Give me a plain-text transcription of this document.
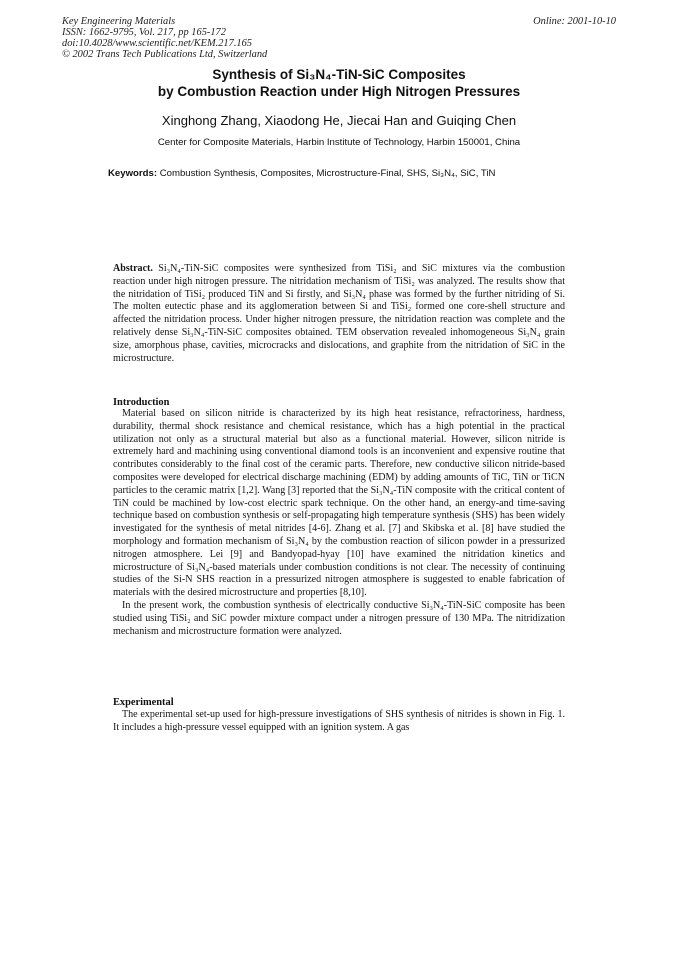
Key Engineering Materials
ISSN: 1662-9795, Vol. 217, pp 165-172
doi:10.4028/www.scientific.net/KEM.217.165
© 2002 Trans Tech Publications Ltd, Switzerland
Online: 2001-10-10
Synthesis of Si₃N₄-TiN-SiC Composites
by Combustion Reaction under High Nitrogen Pressures
Xinghong Zhang, Xiaodong He, Jiecai Han and Guiqing Chen
Center for Composite Materials, Harbin Institute of Technology, Harbin 150001, China
Keywords: Combustion Synthesis, Composites, Microstructure-Final, SHS, Si₃N₄, SiC, TiN

Abstract. Si₃N₄-TiN-SiC composites were synthesized from TiSi₂ and SiC mixtures via the combustion reaction under high nitrogen pressure. The nitridation mechanism of TiSi₂ was analyzed. The results show that the nitridation of TiSi₂ produced TiN and Si firstly, and Si₃N₄ phase was formed by the further nitriding of Si. The molten eutectic phase and its agglomeration between Si and TiSi₂ formed one core-shell structure and affected the nitridation process. Under higher nitrogen pressure, the nitridation reaction was complete and the relatively dense Si₃N₄-TiN-SiC composites obtained. TEM observation revealed inhomogeneous Si₃N₄ grain size, amorphous phase, cavities, microcracks and dislocations, and graphite from the nitridation of SiC in the microstructure.

Introduction

Material based on silicon nitride is characterized by its high heat resistance, refractoriness, hardness, durability, thermal shock resistance and chemical resistance, which has a high potential in the practical utilization not only as a structural material but also as a functional material. However, silicon nitride is extremely hard and machining using conventional diamond tools is an inconvenient and expensive routine that contributes considerably to the final cost of the ceramic parts. Therefore, new conductive silicon nitride-based composites were developed for electrical discharge machining (EDM) by adding amounts of TiC, TiN or TiCN particles to the ceramic matrix [1,2]. Wang [3] reported that the Si₃N₄-TiN composite with the critical content of TiN could be machined by low-cost electric spark technique. On the other hand, an energy-and time-saving technique based on combustion synthesis or self-propagating high temperature synthesis (SHS) has been widely investigated for the synthesis of metal nitrides [4-6]. Zhang et al. [7] and Skibska et al. [8] have studied the morphology and formation mechanism of Si₃N₄ by the combustion reaction of silicon powder in a pressurized nitrogen atmosphere. Lei [9] and Bandyopad-hyay [10] have examined the nitridation kinetics and microstructure of Si₃N₄-based materials under combustion conditions is not clear. The necessity of continuing studies of the Si-N SHS reaction in a pressurized nitrogen atmosphere is suggested to enable fabrication of materials with the desired microstructure and properties [8,10].

In the present work, the combustion synthesis of electrically conductive Si₃N₄-TiN-SiC composite has been studied using TiSi₂ and SiC powder mixture compact under a nitrogen pressure of 130 MPa. The nitridization mechanism and microstructure formation were analyzed.

Experimental

The experimental set-up used for high-pressure investigations of SHS synthesis of nitrides is shown in Fig. 1. It includes a high-pressure vessel equipped with an ignition system. A gas
